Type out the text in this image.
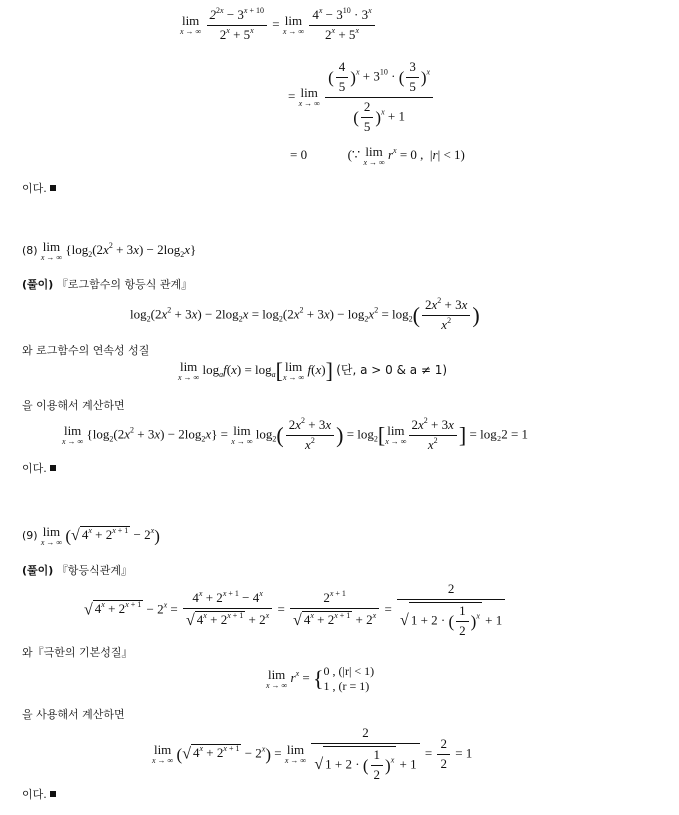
lim
x → ∞
$\frac{2^{2x} - 3^{x + 10}}{2^x + 5^x} = \lim$
x → ∞
$\frac{4^x - 3^{10} \cdot 3^x}{2^x + 5^x}$
= lim
x → ∞
$\frac{( \frac{4}{5} )^x + 3^{10} \cdot ( \frac{3}{5} )^x}{( \frac{2}{5} )^x + 1}$
= 0	(∵ lim
x → ∞
$r^x = 0$ ,  |r| < 1)
이다.
(8) lim
x → ∞
$\{\log_2(2x^2 + 3x) - 2\log_2x\}$
(풀이) 『로그함수의 항등식 관계』
$\log_2(2x^2 + 3x) - 2\log_2x = \log_2(2x^2 + 3x) - \log_2x^2 = \log_2( \frac{2x^2 + 3x}{x^2}$ )
와 로그함수의 연속성 성질
lim
x → ∞
$\log_af(x) = \log_a$[ lim
x → ∞
f(x)] (단, a > 0 & a ≠ 1)
을 이용해서 계산하면
lim
x → ∞
$\{\log_2(2x^2 + 3x) - 2\log_2x\} = \lim$
x → ∞
$\log_2( \frac{2x^2 + 3x}{x^2}$ ) = $\log_2$[ lim
x → ∞ $\frac{2x^2 + 3x}{x^2}$ ] = log₂2 = 1
이다.
(9) lim
x → ∞ (√ $4^x + 2^{x + 1} - 2^x$)
(풀이) 『항등식관계』
√ $4^x + 2^{x + 1} - 2^x = \frac{4^x + 2^{x + 1} - 4^x}{√ 4^x + 2^{x + 1} + 2^x} = \frac{2^{x + 1}}{√ 4^x + 2^{x + 1} + 2^x} = \frac{2}{√ 1 + 2 \cdot ( \frac{1}{2} )^x + 1}$
와『극한의 기본성질』
lim
x → ∞
$r^x = \{0$ , (|r| < 1)
1 , (r = 1)
을 사용해서 계산하면
lim
x → ∞ (√ $4^x + 2^{x + 1} - 2^x) = \lim$
x → ∞
$\frac{2}{√ 1 + 2 \cdot ( \frac{1}{2} )^x + 1} = \frac{2}{2} = 1$
이다.
